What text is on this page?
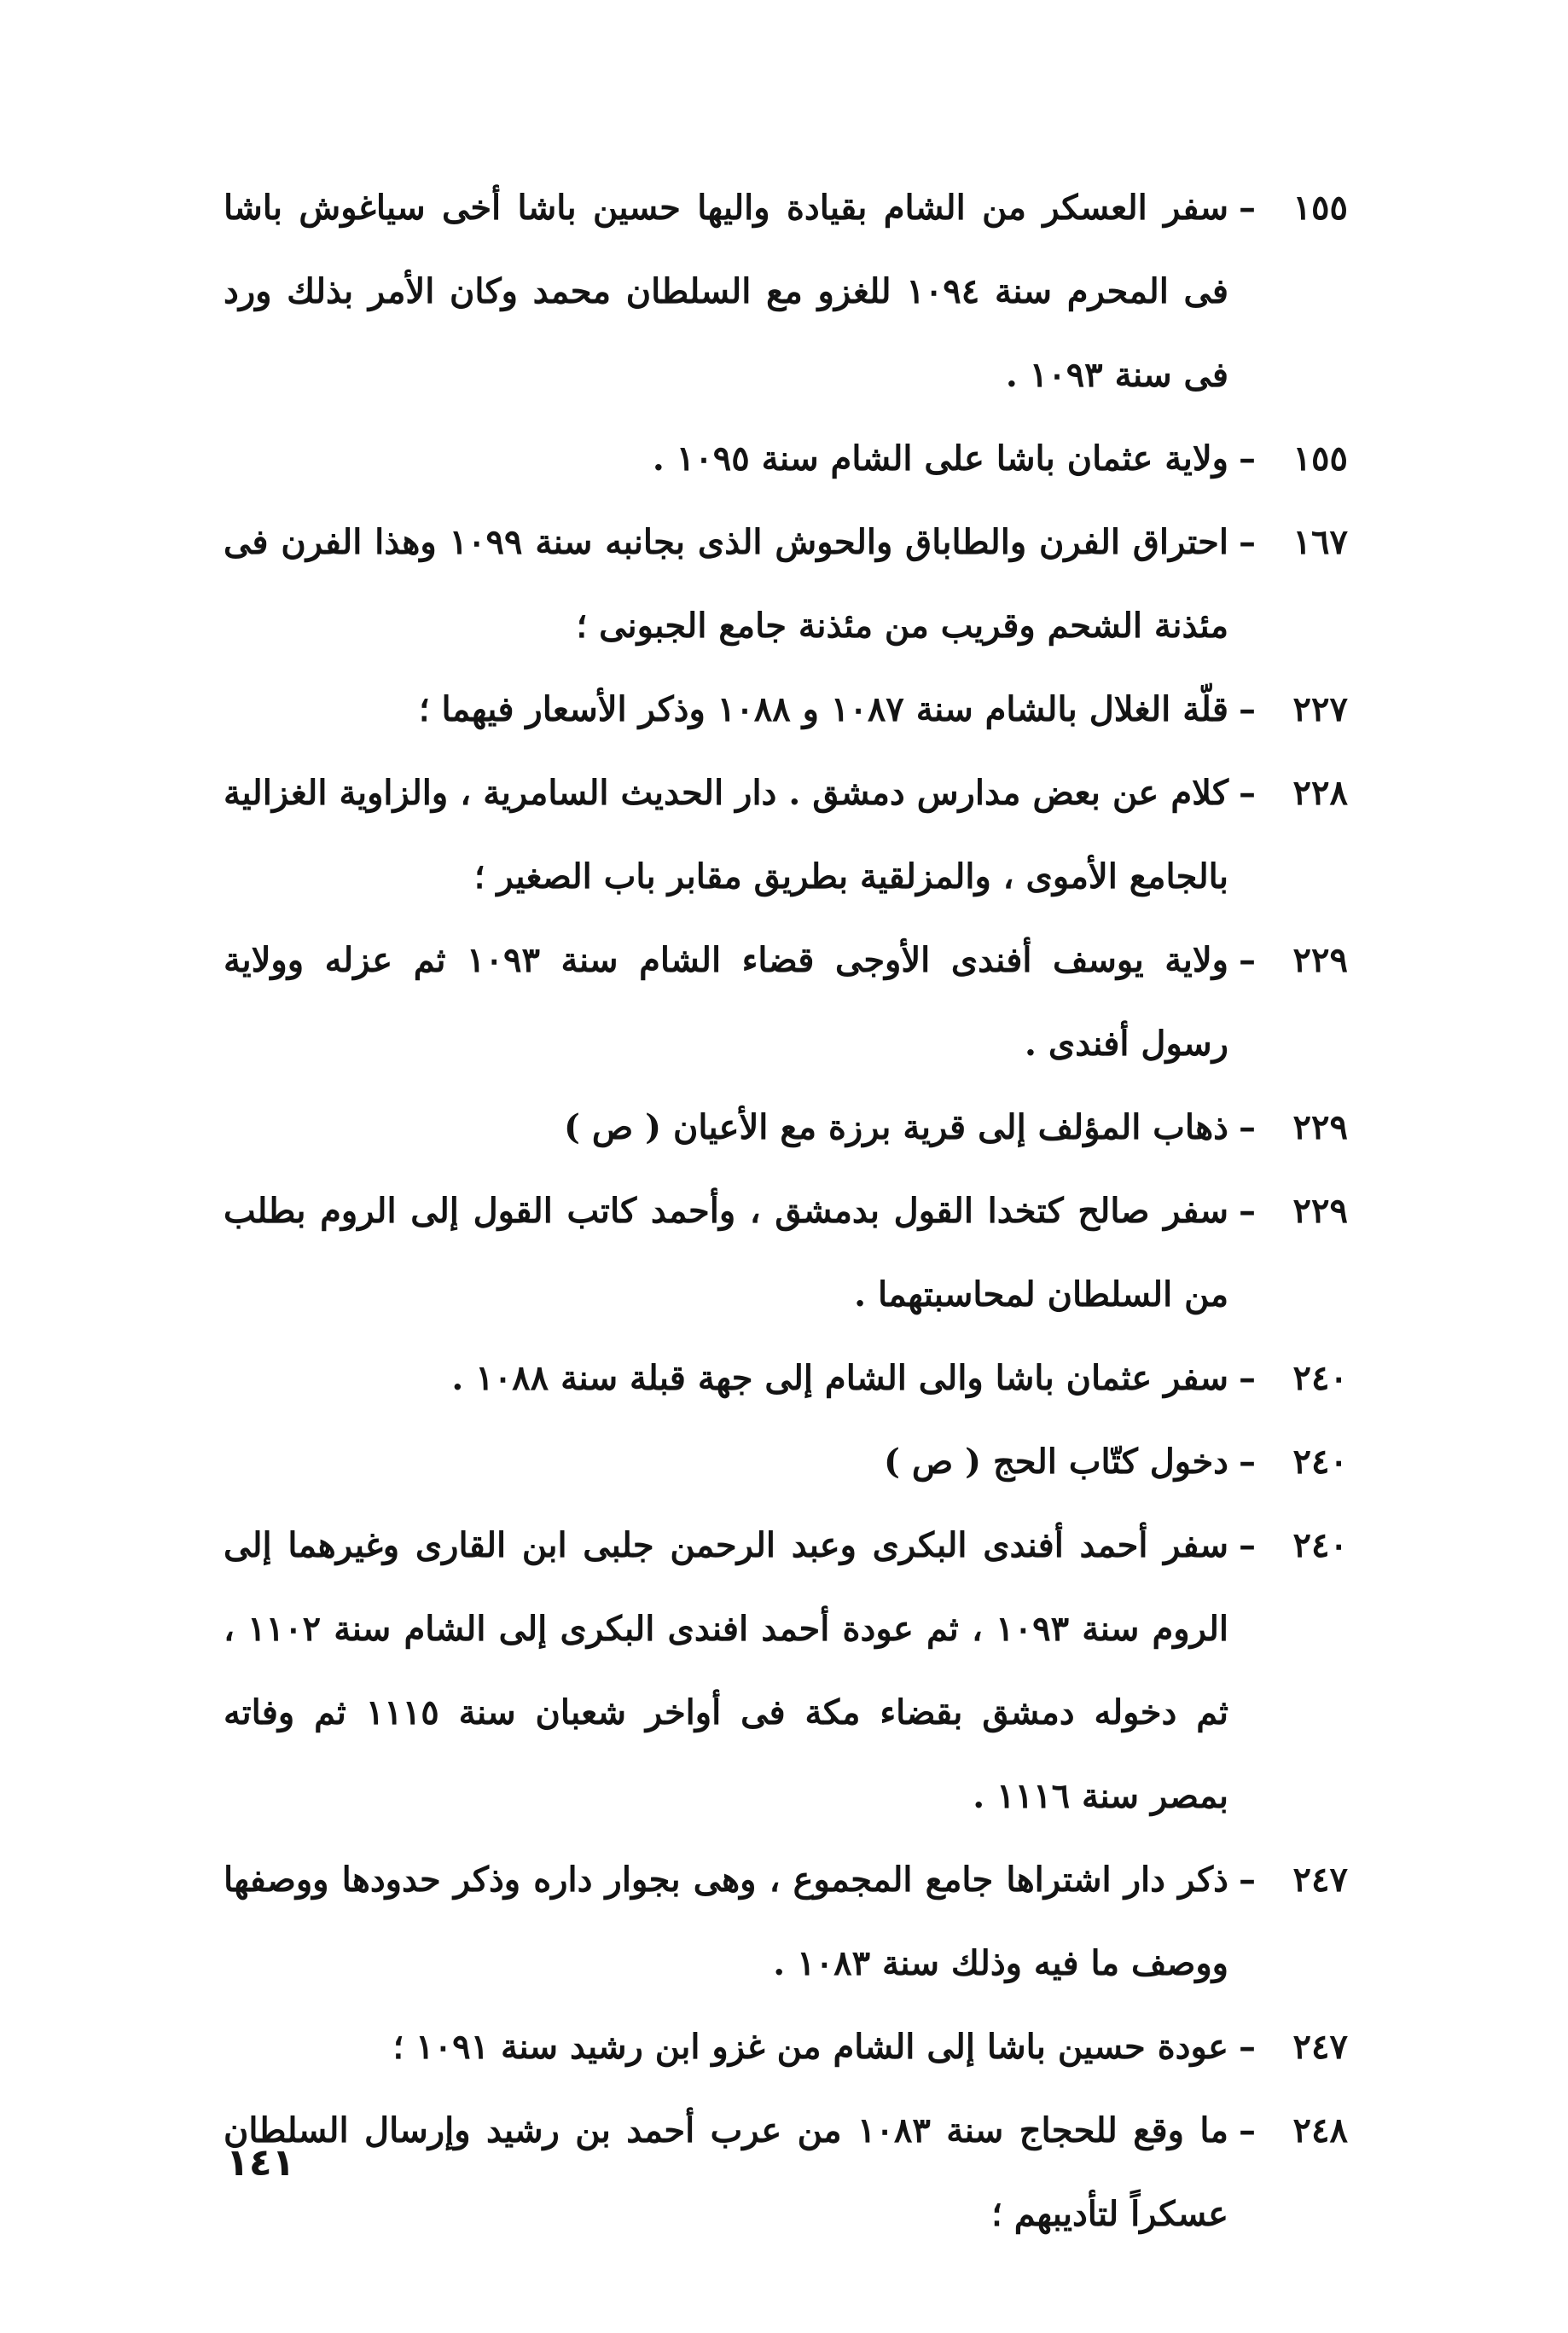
١٥٥
–
سفر العسكر من الشام بقيادة واليها حسين باشا أخى سياغوش باشا فى المحرم سنة ١٠٩٤ للغزو مع السلطان محمد وكان الأمر بذلك ورد فى سنة ١٠٩٣ .
١٥٥
–
ولاية عثمان باشا على الشام سنة ١٠٩٥ .
١٦٧
–
احتراق الفرن والطاباق والحوش الذى بجانبه سنة ١٠٩٩ وهذا الفرن فى مئذنة الشحم وقريب من مئذنة جامع الجبونى ؛
٢٢٧
–
قلّة الغلال بالشام سنة ١٠٨٧ و ١٠٨٨ وذكر الأسعار فيهما ؛
٢٢٨
–
كلام عن بعض مدارس دمشق . دار الحديث السامرية ، والزاوية الغزالية بالجامع الأموى ، والمزلقية بطريق مقابر باب الصغير ؛
٢٢٩
–
ولاية يوسف أفندى الأوجى قضاء الشام سنة ١٠٩٣ ثم عزله وولاية رسول أفندى .
٢٢٩
–
ذهاب المؤلف إلى قرية برزة مع الأعيان ( ص )
٢٢٩
–
سفر صالح كتخدا القول بدمشق ، وأحمد كاتب القول إلى الروم بطلب من السلطان لمحاسبتهما .
٢٤٠
–
سفر عثمان باشا والى الشام إلى جهة قبلة سنة ١٠٨٨ .
٢٤٠
–
دخول كتّاب الحج ( ص )
٢٤٠
–
سفر أحمد أفندى البكرى وعبد الرحمن جلبى ابن القارى وغيرهما إلى الروم سنة ١٠٩٣ ، ثم عودة أحمد افندى البكرى إلى الشام سنة ١١٠٢ ، ثم دخوله دمشق بقضاء مكة فى أواخر شعبان سنة ١١١٥ ثم وفاته بمصر سنة ١١١٦ .
٢٤٧
–
ذكر دار اشتراها جامع المجموع ، وهى بجوار داره وذكر حدودها ووصفها ووصف ما فيه وذلك سنة ١٠٨٣ .
٢٤٧
–
عودة حسين باشا إلى الشام من غزو ابن رشيد سنة ١٠٩١ ؛
٢٤٨
–
ما وقع للحجاج سنة ١٠٨٣ من عرب أحمد بن رشيد وإرسال السلطان عسكراً لتأديبهم ؛
١٤١
